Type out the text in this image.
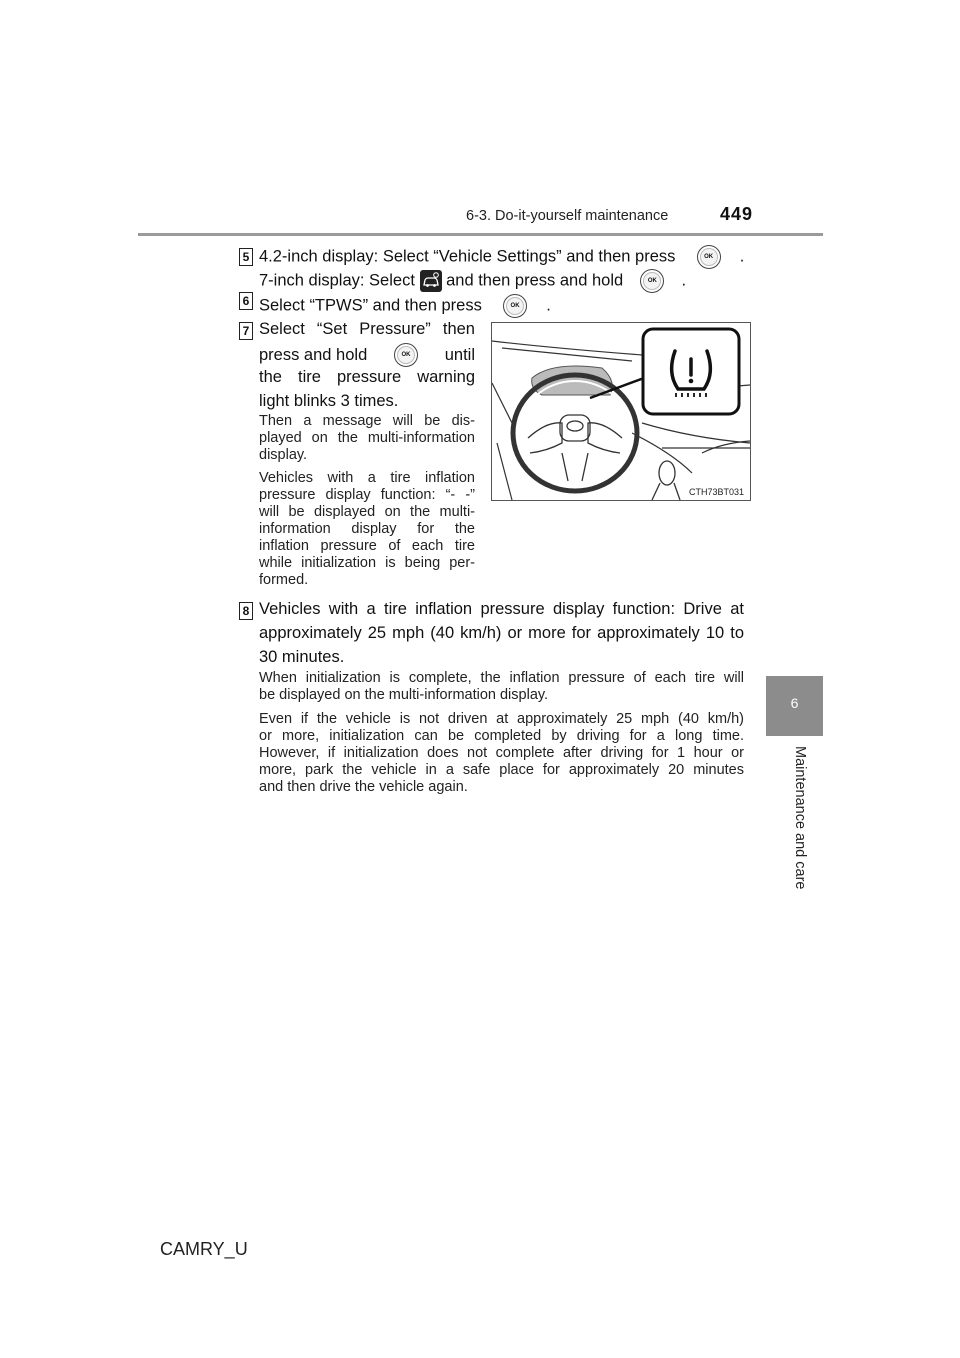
6-3. Do-it-yourself maintenance	449
6
Maintenance and care
5 4.2-inch display: Select “Vehicle Settings” and then press	OK .
7-inch display: Select and then press and hold	OK .
6 Select “TPWS” and then press	OK .
7 Select “Set Pressure” then
press and hold	OK	until
the tire pressure warning
light blinks 3 times.
Then a message will be dis-
played on the multi-information
display.
Vehicles with a tire inflation
pressure display function: “- -”
will be displayed on the multi-
information display for the
inflation pressure of each tire
while initialization is being per-
formed.
CTH73BT031
8 Vehicles with a tire inflation pressure display function: Drive at
approximately 25 mph (40 km/h) or more for approximately 10 to
30 minutes.
When initialization is complete, the inflation pressure of each tire will
be displayed on the multi-information display.
Even if the vehicle is not driven at approximately 25 mph (40 km/h)
or more, initialization can be completed by driving for a long time.
However, if initialization does not complete after driving for 1 hour or
more, park the vehicle in a safe place for approximately 20 minutes
and then drive the vehicle again.
CAMRY_U
